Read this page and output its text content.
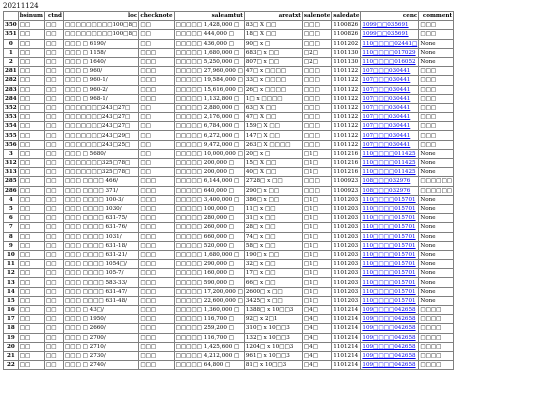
20211124
	bsinum	ctnd	loc	checknote	saleamtut	areatxt	salenote	saledate	cenc	comment
350	□□	□□	□□□□□□□□□100□8□	□□	□□□□□ 1,428,000 □	83□ X □□	□□□	1100826	1099□□035691	□□□
351	□□	□□	□□□□□□□□□100□8□	□□	□□□□□ 444,000 □	18□ X □□	□□□	1100826	1099□□035691	□□□
0	□□	□□	□□□ □ 6190/	□□	□□□□□ 436,000 □	90□ x □	□□□	1101202	110□□□□02441□	None
1	□□	□□	□□□ □ 1158/	□□□	□□□□□ 1,680,000 □	683□ x □□	□2□	1101130	110□□□□017029	None
2	□□	□□	□□□ □ 1640/	□□□	□□□□□ 5,250,000 □	807□ x □□	□2□	1101130	110□□□□016052	None
281	□□	□□	□□□ □ 960/	□□□	□□□□□ 27,960,000 □	47□ x □□□□	□□□	1101122	107□□□030441	□□□
282	□□	□□	□□□ □ 960-1/	□□□	□□□□□ 19,584,000 □	33□ x □□□□	□□□	1101122	107□□□030441	□□□
283	□□	□□	□□□ □ 960-2/	□□□	□□□□□ 15,616,000 □	26□ x □□□□	□□□	1101122	107□□□030441	□□□
284	□□	□□	□□□ □ 968-1/	□□□	□□□□□ 1,132,800 □	1□ x □□□□	□□□	1101122	107□□□030441	□□□
352	□□	□□	□□□□□□□243□27□	□□	□□□□□ 2,880,000 □	63□ X □□	□□□	1101122	107□□□030441	□□□
353	□□	□□	□□□□□□□243□27□	□□	□□□□□ 2,176,000 □	47□ X □□	□□□	1101122	107□□□030441	□□□
354	□□	□□	□□□□□□□243□27□	□□	□□□□□ 6,784,000 □	159□ X □□	□□□	1101122	107□□□030441	□□□
355	□□	□□	□□□□□□□243□29□	□□	□□□□□ 6,272,000 □	147□ X □□	□□□	1101122	107□□□030441	□□□
356	□□	□□	□□□□□□□243□25□	□□	□□□□□ 9,472,000 □	263□ X □□□□	□□□	1101122	107□□□030441	□□□
3	□□	□□	□□□ □ 5680/	□□	□□□□□ 10,000,000 □	20□ x □	□1□	1101216	110□□□□011425	None
312	□□	□□	□□□□□□□325□78□	□□	□□□□□ 200,000 □	15□ X □□	□1□	1101216	110□□□□011425	None
313	□□	□□	□□□□□□□325□78□	□□	□□□□□ 200,000 □	40□ X □□	□1□	1101216	110□□□□011425	None
285	□□	□□	□□□ □□□□ 466/	□□□	□□□□□ 6,144,000 □	2728□ x □□	□□□	1100923	108□□□032976	□□□□□□
286	□□	□□	□□□ □□□□ 371/	□□□	□□□□□ 640,000 □	290□ x □□	□□□	1100923	108□□□032976	□□□□□□
4	□□	□□	□□□ □□□□ 100-3/	□□□	□□□□□ 3,400,000 □	386□ x □□	□1□	1101203	110□□□□015701	None
5	□□	□□	□□□ □□□□ 1030/	□□□	□□□□□ 100,000 □	11□ x □□	□1□	1101203	110□□□□015701	None
6	□□	□□	□□□ □□□□ 631-75/	□□□	□□□□□ 280,000 □	31□ x □□	□1□	1101203	110□□□□015701	None
7	□□	□□	□□□ □□□□ 631-76/	□□□	□□□□□ 260,000 □	28□ x □□	□1□	1101203	110□□□□015701	None
8	□□	□□	□□□ □□□□ 1031/	□□□	□□□□□ 660,000 □	74□ x □□	□1□	1101203	110□□□□015701	None
9	□□	□□	□□□ □□□□ 631-18/	□□□	□□□□□ 520,000 □	58□ x □□	□1□	1101203	110□□□□015701	None
10	□□	□□	□□□ □□□□ 631-21/	□□□	□□□□□ 1,680,000 □	190□ x □□	□1□	1101203	110□□□□015701	None
11	□□	□□	□□□ □□□□ 1054□/	□□□	□□□□□ 290,000 □	32□ x □□	□1□	1101203	110□□□□015701	None
12	□□	□□	□□□ □□□□ 105-7/	□□□	□□□□□ 160,000 □	17□ x □□	□1□	1101203	110□□□□015701	None
13	□□	□□	□□□ □□□□ 583-33/	□□□	□□□□□ 590,000 □	66□ x □□	□1□	1101203	110□□□□015701	None
14	□□	□□	□□□ □□□□ 631-47/	□□□	□□□□□ 17,200,000 □	2600□ x □□	□1□	1101203	110□□□□015701	None
15	□□	□□	□□□ □□□□ 631-48/	□□□	□□□□□ 22,600,000 □	3425□ x □□	□1□	1101203	110□□□□015701	None
16	□□	□□	□□□ □ 43□/	□□□	□□□□□ 1,360,000 □	1388□ x 10□□3	□4□	1101214	109□□□□042658	□□□□
17	□□	□□	□□□ □ 1950/	□□□	□□□□□ 116,700 □	92□ x 2□1	□4□	1101214	109□□□□042658	□□□□
18	□□	□□	□□□ □ 2660/	□□□	□□□□□ 259,200 □	310□ x 10□□3	□4□	1101214	109□□□□042658	□□□□
19	□□	□□	□□□ □ 2700/	□□□	□□□□□ 116,700 □	132□ x 10□□3	□4□	1101214	109□□□□042658	□□□□
20	□□	□□	□□□ □ 2710/	□□□	□□□□□ 1,425,600 □	1204□ x 10□□3	□4□	1101214	109□□□□042658	□□□□
21	□□	□□	□□□ □ 2730/	□□□	□□□□□ 4,212,000 □	961□ x 10□□3	□4□	1101214	109□□□□042658	□□□□
22	□□	□□	□□□ □ 2740/	□□□	□□□□□ 64,800 □	81□ x 10□□3	□4□	1101214	109□□□□042658	□□□□
